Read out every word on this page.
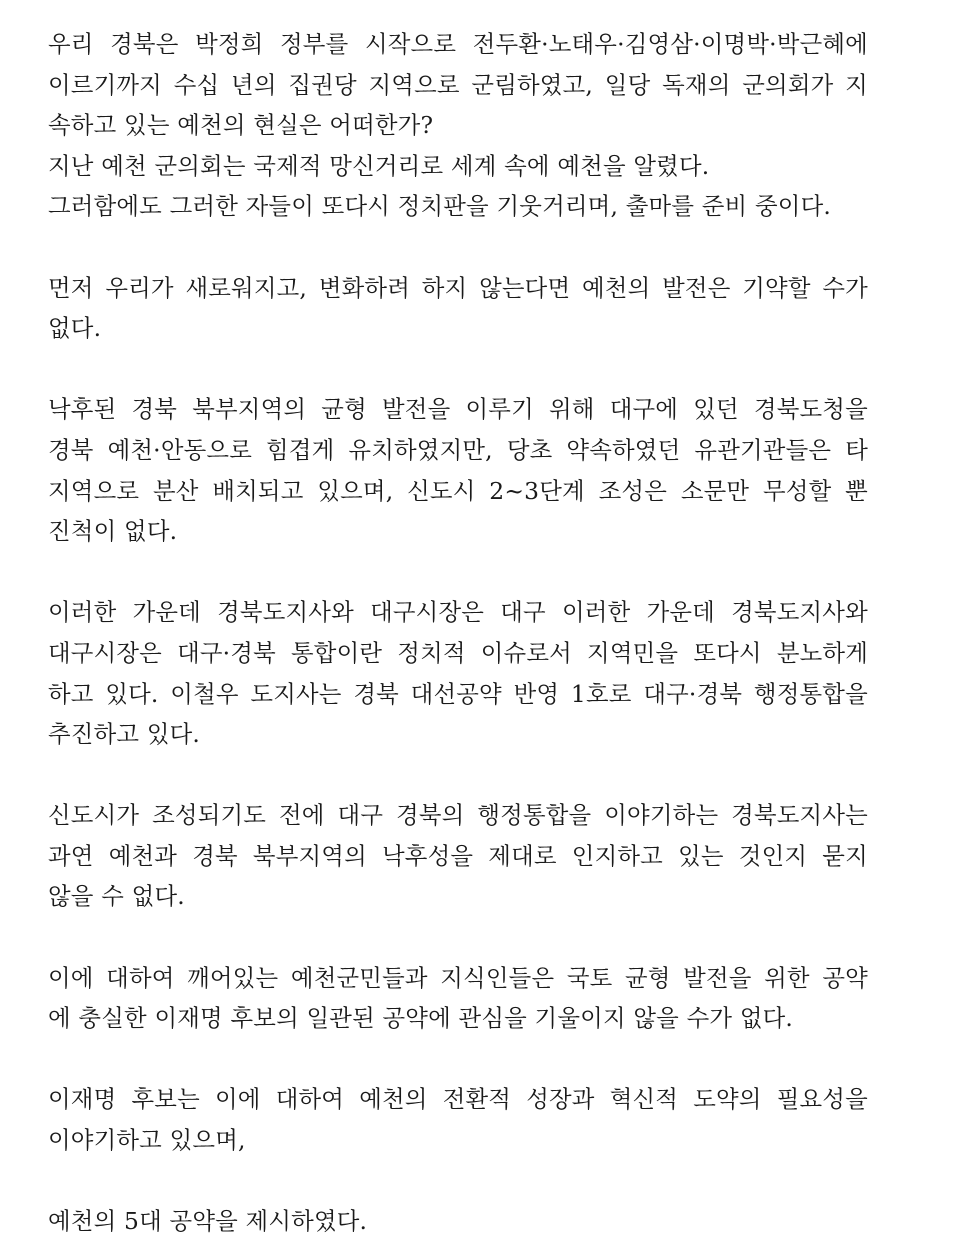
우리 경북은 박정희 정부를 시작으로 전두환·노태우·김영삼·이명박·박근혜에
이르기까지 수십 년의 집권당 지역으로 군림하였고, 일당 독재의 군의회가 지
속하고 있는 예천의 현실은 어떠한가?
지난 예천 군의회는 국제적 망신거리로 세계 속에 예천을 알렸다.
그러함에도 그러한 자들이 또다시 정치판을 기웃거리며, 출마를 준비 중이다.
먼저 우리가 새로워지고, 변화하려 하지 않는다면 예천의 발전은 기약할 수가
없다.
낙후된 경북 북부지역의 균형 발전을 이루기 위해 대구에 있던 경북도청을
경북 예천·안동으로 힘겹게 유치하였지만, 당초 약속하였던 유관기관들은 타
지역으로 분산 배치되고 있으며, 신도시 2~3단계 조성은 소문만 무성할 뿐
진척이 없다.
이러한 가운데 경북도지사와 대구시장은 대구 이러한 가운데 경북도지사와
대구시장은 대구·경북 통합이란 정치적 이슈로서 지역민을 또다시 분노하게
하고 있다. 이철우 도지사는 경북 대선공약 반영 1호로 대구·경북 행정통합을
추진하고 있다.
신도시가 조성되기도 전에 대구 경북의 행정통합을 이야기하는 경북도지사는
과연 예천과 경북 북부지역의 낙후성을 제대로 인지하고 있는 것인지 묻지
않을 수 없다.
이에 대하여 깨어있는 예천군민들과 지식인들은 국토 균형 발전을 위한 공약
에 충실한 이재명 후보의 일관된 공약에 관심을 기울이지 않을 수가 없다.
이재명 후보는 이에 대하여 예천의 전환적 성장과 혁신적 도약의 필요성을
이야기하고 있으며,
예천의 5대 공약을 제시하였다.
